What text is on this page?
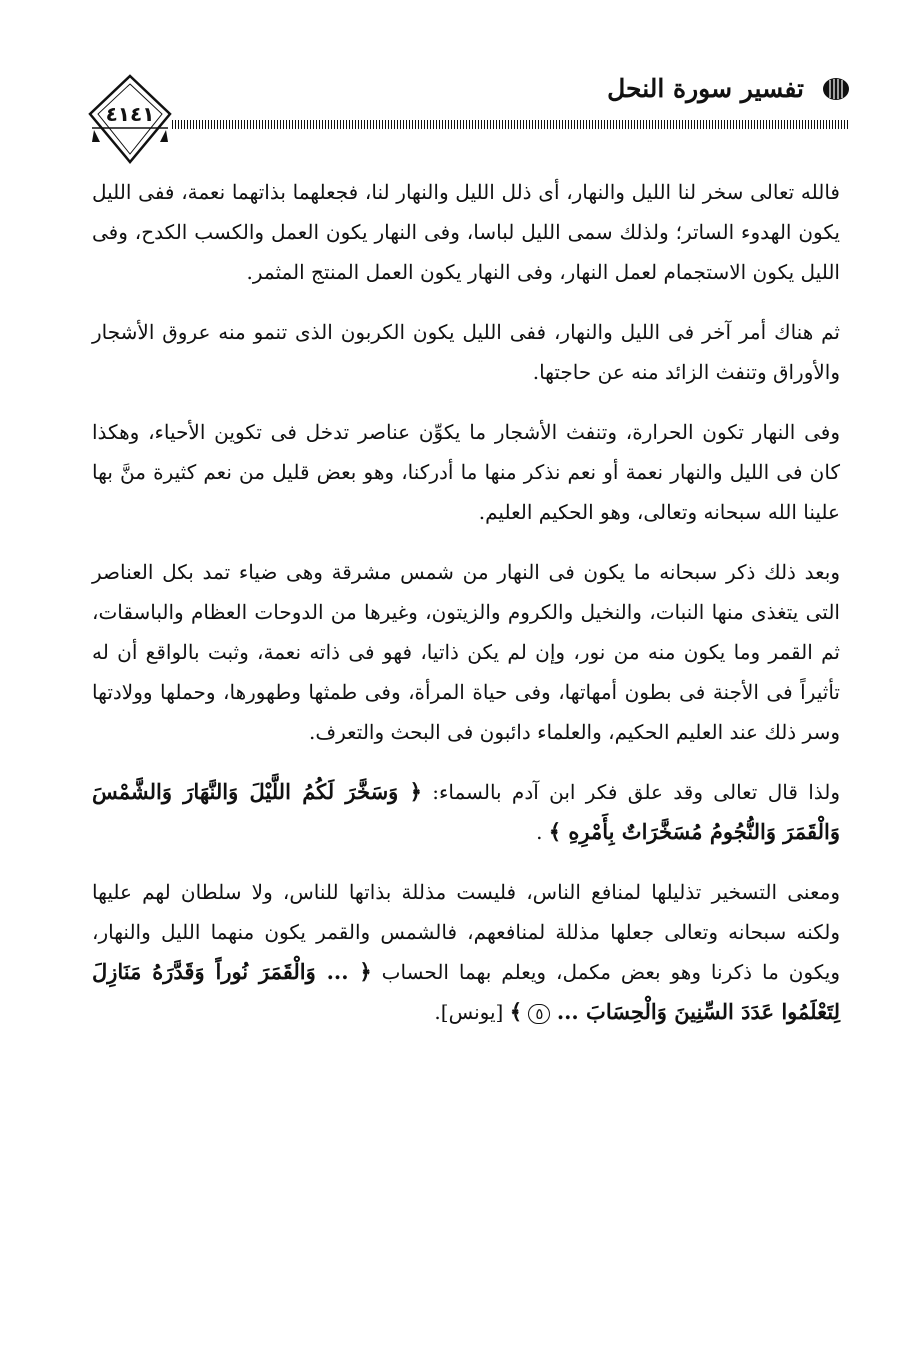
٤١٤١
تفسير سورة النحل

فالله تعالى سخر لنا الليل والنهار، أى ذلل الليل والنهار لنا، فجعلهما بذاتهما نعمة، ففى الليل يكون الهدوء الساتر؛ ولذلك سمى الليل لباسا، وفى النهار يكون العمل والكسب الكدح، وفى الليل يكون الاستجمام لعمل النهار، وفى النهار يكون العمل المنتج المثمر.

ثم هناك أمر آخر فى الليل والنهار، ففى الليل يكون الكربون الذى تنمو منه عروق الأشجار والأوراق وتنفث الزائد منه عن حاجتها.

وفى النهار تكون الحرارة، وتنفث الأشجار ما يكوِّن عناصر تدخل فى تكوين الأحياء، وهكذا كان فى الليل والنهار نعمة أو نعم نذكر منها ما أدركنا، وهو بعض قليل من نعم كثيرة منَّ بها علينا الله سبحانه وتعالى، وهو الحكيم العليم.

وبعد ذلك ذكر سبحانه ما يكون فى النهار من شمس مشرقة وهى ضياء تمد بكل العناصر التى يتغذى منها النبات، والنخيل والكروم والزيتون، وغيرها من الدوحات العظام والباسقات، ثم القمر وما يكون منه من نور، وإن لم يكن ذاتيا، فهو فى ذاته نعمة، وثبت بالواقع أن له تأثيراً فى الأجنة فى بطون أمهاتها، وفى حياة المرأة، وفى طمثها وطهورها، وحملها وولادتها وسر ذلك عند العليم الحكيم، والعلماء دائبون فى البحث والتعرف.

ولذا قال تعالى وقد علق فكر ابن آدم بالسماء: ﴿ وَسَخَّرَ لَكُمُ اللَّيْلَ وَالنَّهَارَ وَالشَّمْسَ وَالْقَمَرَ وَالنُّجُومُ مُسَخَّرَاتٌ بِأَمْرِهِ ﴾ .

ومعنى التسخير تذليلها لمنافع الناس، فليست مذللة بذاتها للناس، ولا سلطان لهم عليها ولكنه سبحانه وتعالى جعلها مذللة لمنافعهم، فالشمس والقمر يكون منهما الليل والنهار، ويكون ما ذكرنا وهو بعض مكمل، ويعلم بهما الحساب ﴿ ... وَالْقَمَرَ نُوراً وَقَدَّرَهُ مَنَازِلَ لِتَعْلَمُوا عَدَدَ السِّنِينَ وَالْحِسَابَ ... ٥ ﴾ [يونس].
